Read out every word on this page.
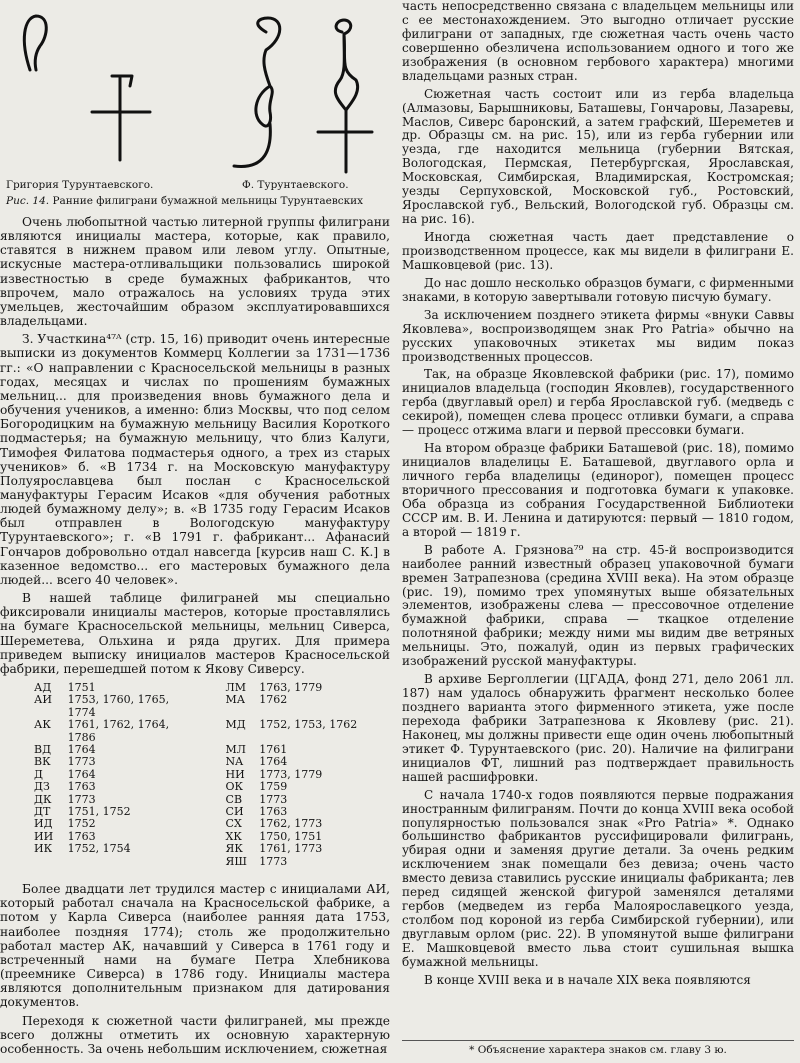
Григория Турунтаевского.	Ф. Турунтаевского.
Рис. 14. Ранние филиграни бумажной мельницы Турунтаевских

Очень любопытной частью литерной группы филиграни являются инициалы мастера, которые, как правило, ставятся в нижнем правом или левом углу. Опытные, искусные мастера-отливальщики пользовались широкой известностью в среде бумажных фабрикантов, что впрочем, мало отражалось на условиях труда этих умельцев, жесточайшим образом эксплуатировавшихся владельцами.

З. Участкина⁴⁷ᴬ (стр. 15, 16) приводит очень интересные выписки из документов Коммерц Коллегии за 1731—1736 гг.: «О направлении с Красносельской мельницы в разных годах, месяцах и числах по прошениям бумажных мельниц... для произведения вновь бумажного дела и обучения учеников, а именно: близ Москвы, что под селом Богородицким на бумажную мельницу Василия Короткого подмастерья; на бумажную мельницу, что близ Калуги, Тимофея Филатова подмастерья одного, а трех из старых учеников» б. «В 1734 г. на Московскую мануфактуру Полуярославцева был послан с Красносельской мануфактуры Герасим Исаков «для обучения работных людей бумажному делу»; в. «В 1735 году Герасим Исаков был отправлен в Вологодскую мануфактуру Турунтаевского»; г. «В 1791 г. фабрикант... Афанасий Гончаров добровольно отдал навсегда [курсив наш С. К.] в казенное ведомство... его мастеровых бумажного дела людей... всего 40 человек».

В нашей таблице филиграней мы специально фиксировали инициалы мастеров, которые проставлялись на бумаге Красносельской мельницы, мельниц Сиверса, Шереметева, Ольхина и ряда других. Для примера приведем выписку инициалов мастеров Красносельской фабрики, перешедшей потом к Якову Сиверсу.

АД	1751		ЛМ	1763, 1779
АИ	1753, 1760, 1765, 1774		МА	1762
АК	1761, 1762, 1764, 1786		МД	1752, 1753, 1762
ВД	1764		МЛ	1761
ВК	1773		NA	1764
Д	1764		НИ	1773, 1779
ДЗ	1763		ОК	1759
ДК	1773		СВ	1773
ДТ	1751, 1752		СИ	1763
ИД	1752		СХ	1762, 1773
ИИ	1763		ХК	1750, 1751
ИК	1752, 1754		ЯК	1761, 1773
			ЯШ	1773

Более двадцати лет трудился мастер с инициалами АИ, который работал сначала на Красносельской фабрике, а потом у Карла Сиверса (наиболее ранняя дата 1753, наиболее поздняя 1774); столь же продолжительно работал мастер АК, начавший у Сиверса в 1761 году и встреченный нами на бумаге Петра Хлебникова (преемнике Сиверса) в 1786 году. Инициалы мастера являются дополнительным признаком для датирования документов.

Переходя к сюжетной части филиграней, мы прежде всего должны отметить их основную характерную особенность. За очень небольшим исключением, сюжетная

часть непосредственно связана с владельцем мельницы или с ее местонахождением. Это выгодно отличает русские филиграни от западных, где сюжетная часть очень часто совершенно обезличена использованием одного и того же изображения (в основном гербового характера) многими владельцами разных стран.

Сюжетная часть состоит или из герба владельца (Алмазовы, Барышниковы, Баташевы, Гончаровы, Лазаревы, Маслов, Сиверс баронский, а затем графский, Шереметев и др. Образцы см. на рис. 15), или из герба губернии или уезда, где находится мельница (губернии Вятская, Вологодская, Пермская, Петербургская, Ярославская, Московская, Симбирская, Владимирская, Костромская; уезды Серпуховской, Московской губ., Ростовский, Ярославской губ., Вельский, Вологодской губ. Образцы см. на рис. 16).

Иногда сюжетная часть дает представление о производственном процессе, как мы видели в филиграни Е. Машковцевой (рис. 13).

До нас дошло несколько образцов бумаги, с фирменными знаками, в которую завертывали готовую писчую бумагу.

За исключением позднего этикета фирмы «внуки Саввы Яковлева», воспроизводящем знак Pro Patria» обычно на русских упаковочных этикетах мы видим показ производственных процессов.

Так, на образце Яковлевской фабрики (рис. 17), помимо инициалов владельца (господин Яковлев), государственного герба (двуглавый орел) и герба Ярославской губ. (медведь с секирой), помещен слева процесс отливки бумаги, а справа — процесс отжима влаги и первой прессовки бумаги.

На втором образце фабрики Баташевой (рис. 18), помимо инициалов владелицы Е. Баташевой, двуглавого орла и личного герба владелицы (единорог), помещен процесс вторичного прессования и подготовка бумаги к упаковке. Оба образца из собрания Государственной Библиотеки СССР им. В. И. Ленина и датируются: первый — 1810 годом, а второй — 1819 г.

В работе А. Грязнова⁷⁹ на стр. 45-й воспроизводится наиболее ранний известный образец упаковочной бумаги времен Затрапезнова (средина XVIII века). На этом образце (рис. 19), помимо трех упомянутых выше обязательных элементов, изображены слева — прессовочное отделение бумажной фабрики, справа — ткацкое отделение полотняной фабрики; между ними мы видим две ветряных мельницы. Это, пожалуй, один из первых графических изображений русской мануфактуры.

В архиве Берголлегии (ЦГАДА, фонд 271, дело 2061 лл. 187) нам удалось обнаружить фрагмент несколько более позднего варианта этого фирменного этикета, уже после перехода фабрики Затрапезнова к Яковлеву (рис. 21). Наконец, мы должны привести еще один очень любопытный этикет Ф. Турунтаевского (рис. 20). Наличие на филиграни инициалов ФТ, лишний раз подтверждает правильность нашей расшифровки.

С начала 1740-х годов появляются первые подражания иностранным филиграням. Почти до конца XVIII века особой популярностью пользовался знак «Pro Patria» *. Однако большинство фабрикантов руссифицировали филигрань, убирая одни и заменяя другие детали. За очень редким исключением знак помещали без девиза; очень часто вместо девиза ставились русские инициалы фабриканта; лев перед сидящей женской фигурой заменялся деталями гербов (медведем из герба Малоярославецкого уезда, столбом под короной из герба Симбирской губернии), или двуглавым орлом (рис. 22). В упомянутой выше филиграни Е. Машковцевой вместо льва стоит сушильная вышка бумажной мельницы.

В конце XVIII века и в начале XIX века появляются

* Объяснение характера знаков см. главу 3 ю.
